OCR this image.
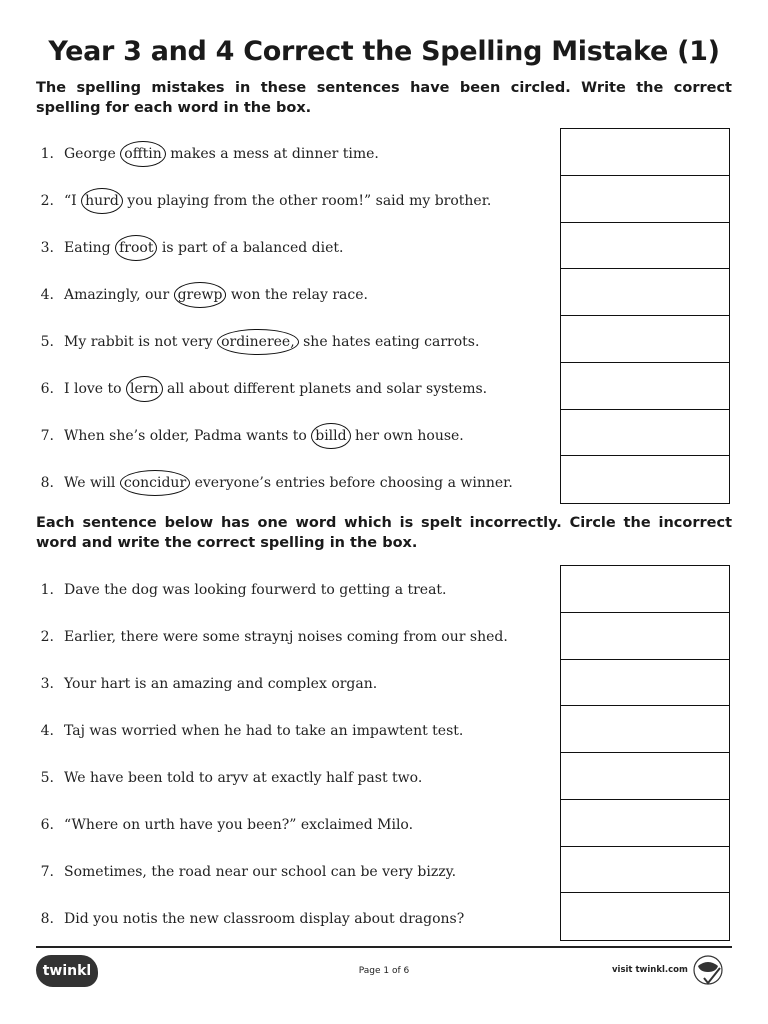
Year 3 and 4 Correct the Spelling Mistake (1)
The spelling mistakes in these sentences have been circled. Write the correct spelling for each word in the box.
1. George offtin makes a mess at dinner time.
2. “I hurd you playing from the other room!” said my brother.
3. Eating froot is part of a balanced diet.
4. Amazingly, our grewp won the relay race.
5. My rabbit is not very ordineree, she hates eating carrots.
6. I love to lern all about different planets and solar systems.
7. When she’s older, Padma wants to billd her own house.
8. We will concidur everyone’s entries before choosing a winner.
Each sentence below has one word which is spelt incorrectly. Circle the incorrect word and write the correct spelling in the box.
1. Dave the dog was looking fourwerd to getting a treat.
2. Earlier, there were some straynj noises coming from our shed.
3. Your hart is an amazing and complex organ.
4. Taj was worried when he had to take an impawtent test.
5. We have been told to aryv at exactly half past two.
6. “Where on urth have you been?” exclaimed Milo.
7. Sometimes, the road near our school can be very bizzy.
8. Did you notis the new classroom display about dragons?
twinkl	Page 1 of 6	visit twinkl.com
